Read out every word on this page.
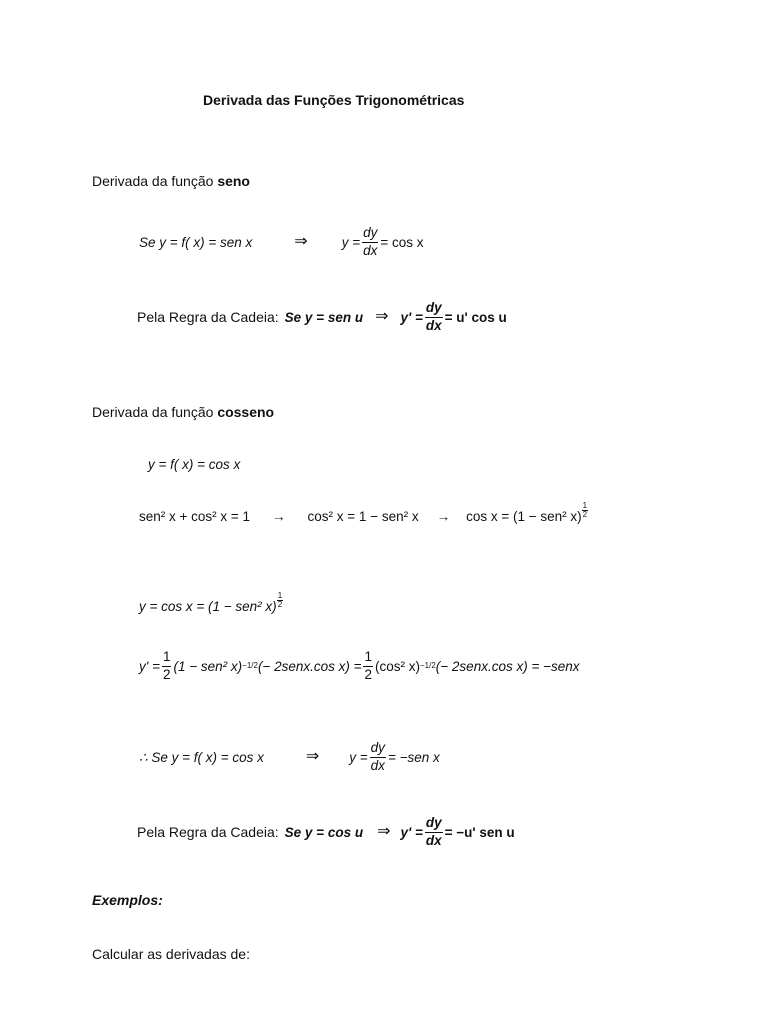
Derivada das Funções Trigonométricas
Derivada da função seno
Se y = f( x) = sen x	⇒	$y = \frac{dy}{dx} = \cos x$
Pela Regra da Cadeia: Se y = sen u ⇒ $y' = \frac{dy}{dx} = u'$ cos u
Derivada da função cosseno
y = f( x) = cos x
sen² x + cos² x = 1 → cos² x = 1 − sen² x → cos x = (1 − sen² $x) \frac{1}{2}$
y = cos x = (1 − sen² $x) \frac{1}{2}$
$y' = \frac{1}{2} (1 - sen^2$ x) −1/2 (− 2senx.cos $x) = \frac{1}{2} (\cos^2$ x) −1/2 (− 2senx.cos x) = −senx
∴ Se y = f( x) = cos x	⇒ $y = \frac{dy}{dx} = -sen$ x
Pela Regra da Cadeia: Se y = cos u ⇒ $y' = \frac{dy}{dx} = -u'$ sen u
Exemplos:
Calcular as derivadas de:
